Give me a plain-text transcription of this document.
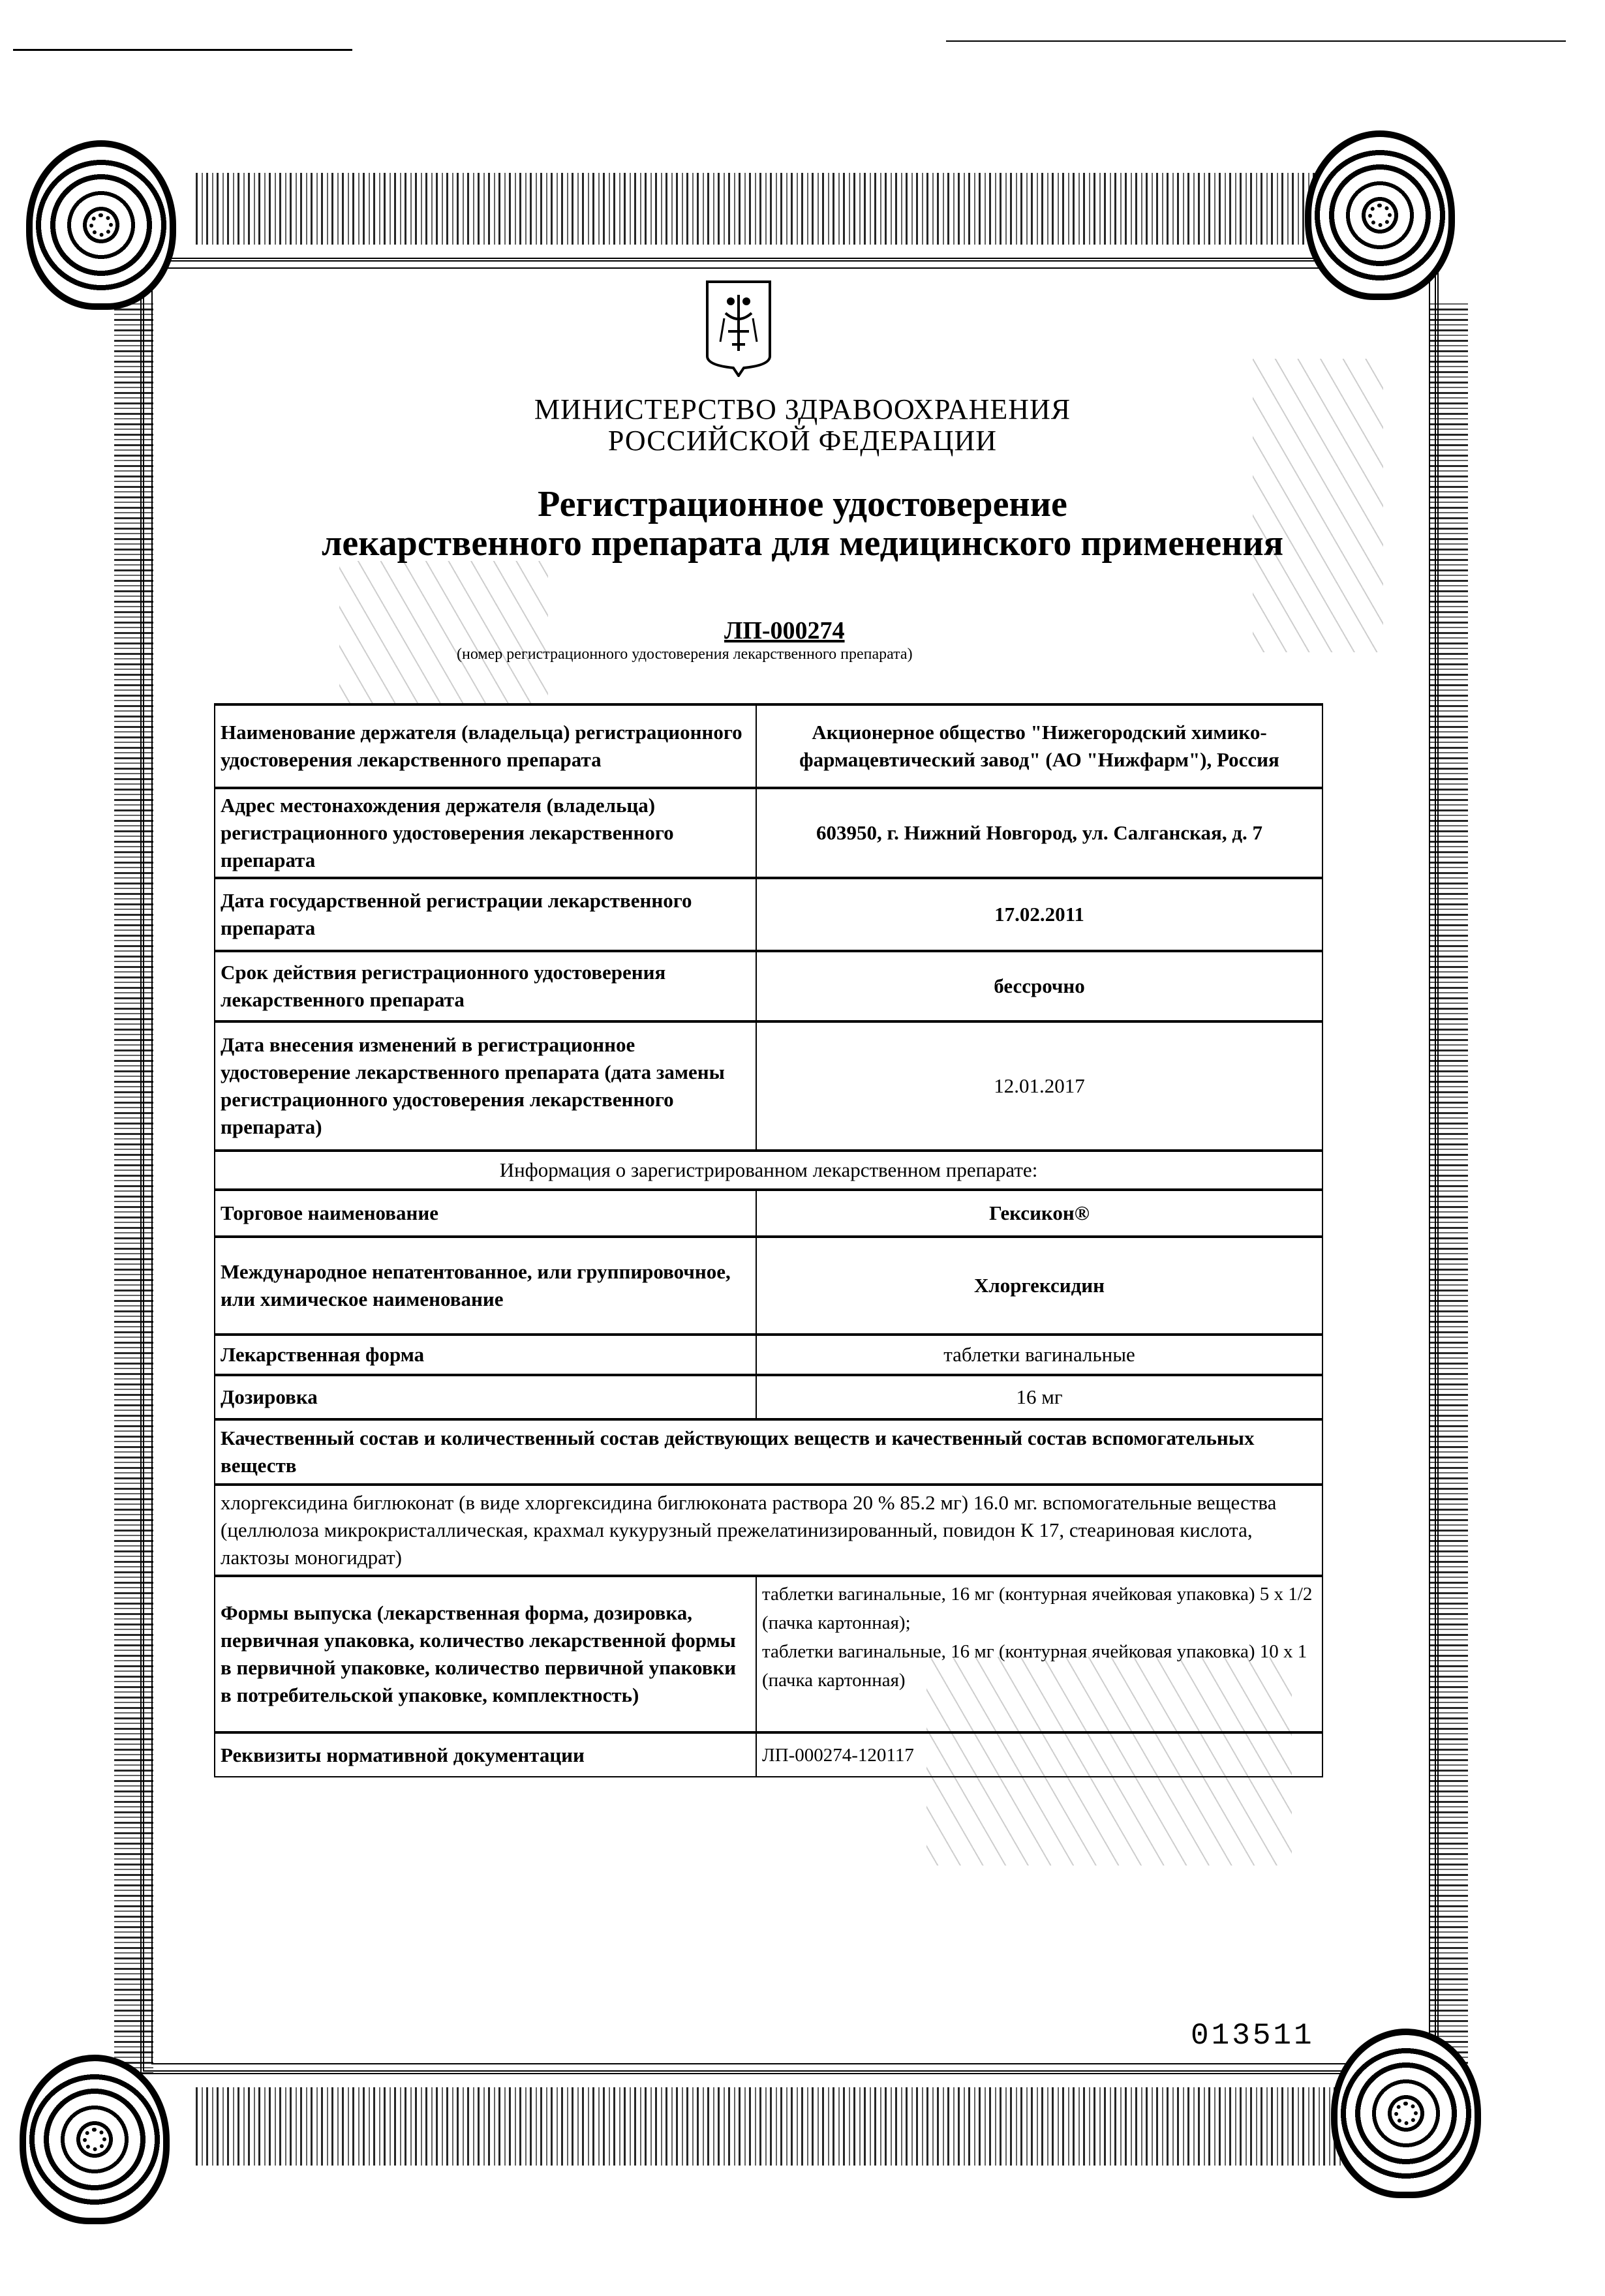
МИНИСТЕРСТВО ЗДРАВООХРАНЕНИЯ
РОССИЙСКОЙ ФЕДЕРАЦИИ
Регистрационное удостоверение
лекарственного препарата для медицинского применения
ЛП-000274
(номер регистрационного удостоверения лекарственного препарата)
Наименование держателя (владельца) регистрационного удостоверения лекарственного препарата	Акционерное общество "Нижегородский химико-фармацевтический завод" (АО "Нижфарм"), Россия
Адрес местонахождения держателя (владельца) регистрационного удостоверения лекарственного препарата	603950, г. Нижний Новгород, ул. Салганская, д. 7
Дата государственной регистрации лекарственного препарата	17.02.2011
Срок действия регистрационного удостоверения лекарственного препарата	бессрочно
Дата внесения изменений в регистрационное удостоверение лекарственного препарата (дата замены регистрационного удостоверения лекарственного препарата)	12.01.2017
Информация о зарегистрированном лекарственном препарате:	
Торговое наименование	Гексикон®
Международное непатентованное, или группировочное, или химическое наименование	Хлоргексидин
Лекарственная форма	таблетки вагинальные
Дозировка	16 мг
Качественный состав и количественный состав действующих веществ и качественный состав вспомогательных веществ	
хлоргексидина биглюконат (в виде хлоргексидина биглюконата раствора 20 % 85.2 мг) 16.0 мг. вспомогательные вещества (целлюлоза микрокристаллическая, крахмал кукурузный прежелатинизированный, повидон К 17, стеариновая кислота, лактозы моногидрат)	
Формы выпуска (лекарственная форма, дозировка, первичная упаковка, количество лекарственной формы в первичной упаковке, количество первичной упаковки в потребительской упаковке, комплектность)	таблетки вагинальные, 16 мг (контурная ячейковая упаковка) 5 х 1/2 (пачка картонная);
таблетки вагинальные, 16 мг (контурная ячейковая упаковка) 10 х 1 (пачка картонная)

Реквизиты нормативной документации	ЛП-000274-120117
013511
